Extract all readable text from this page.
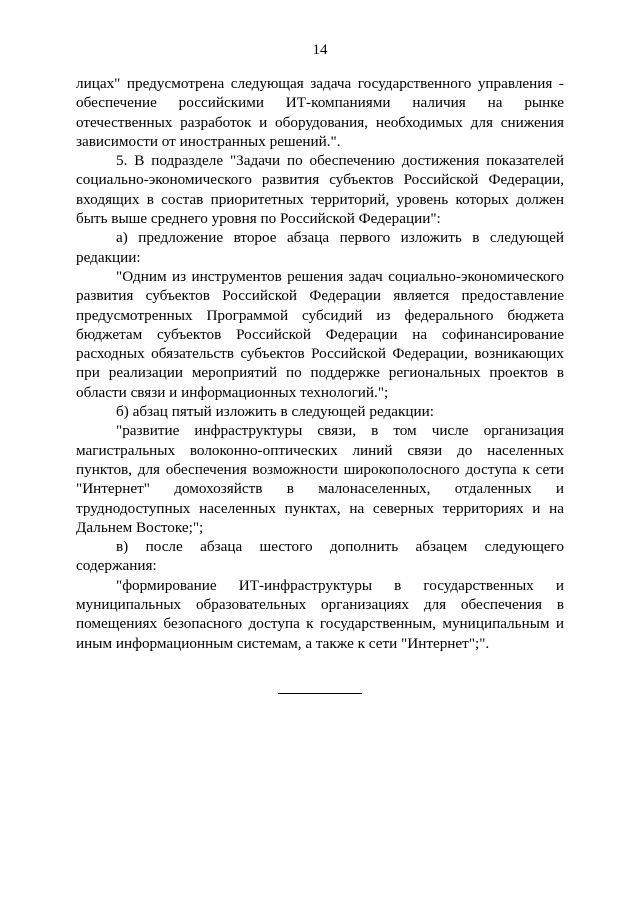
14

лицах" предусмотрена следующая задача государственного управления - обеспечение российскими ИТ-компаниями наличия на рынке отечественных разработок и оборудования, необходимых для снижения зависимости от иностранных решений.".

5. В подразделе "Задачи по обеспечению достижения показателей социально-экономического развития субъектов Российской Федерации, входящих в состав приоритетных территорий, уровень которых должен быть выше среднего уровня по Российской Федерации":

а) предложение второе абзаца первого изложить в следующей редакции:

"Одним из инструментов решения задач социально-экономического развития субъектов Российской Федерации является предоставление предусмотренных Программой субсидий из федерального бюджета бюджетам субъектов Российской Федерации на софинансирование расходных обязательств субъектов Российской Федерации, возникающих при реализации мероприятий по поддержке региональных проектов в области связи и информационных технологий.";

б) абзац пятый изложить в следующей редакции:

"развитие инфраструктуры связи, в том числе организация магистральных волоконно-оптических линий связи до населенных пунктов, для обеспечения возможности широкополосного доступа к сети "Интернет" домохозяйств в малонаселенных, отдаленных и труднодоступных населенных пунктах, на северных территориях и на Дальнем Востоке;";

в) после абзаца шестого дополнить абзацем следующего содержания:

"формирование ИТ-инфраструктуры в государственных и муниципальных образовательных организациях для обеспечения в помещениях безопасного доступа к государственным, муниципальным и иным информационным системам, а также к сети "Интернет";".
